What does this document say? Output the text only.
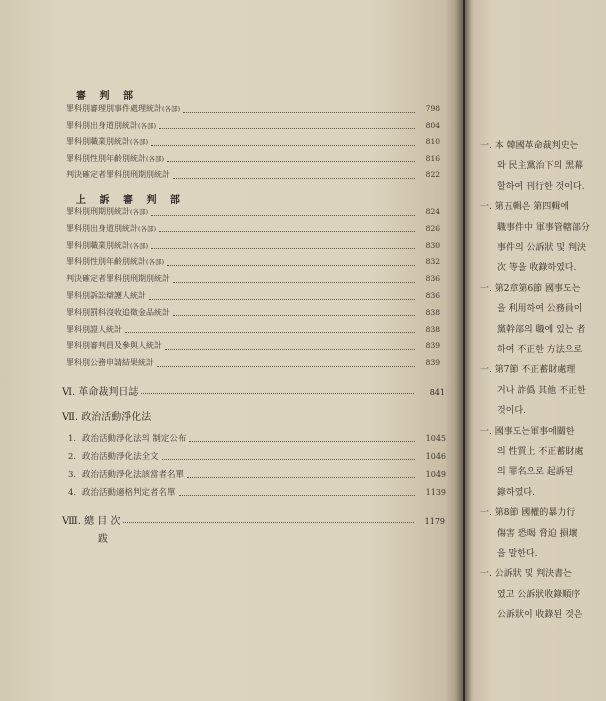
審 判 部
罪科別審理別事件處理統計(各部)	798
罪科別出身道別統計(各部)	804
罪科別職業別統計(各部)	810
罪科別性別年齡別統計(各部)	816
判決確定者罪科別刑期別統計	822
上 訴 審 判 部
罪科別刑期別統計(各部)	824
罪科別出身道別統計(各部)	826
罪科別職業別統計(各部)	830
罪科別性別年齡別統計(各部)	832
判決確定者罪科別刑期別統計	836
罪科別訴訟辯護人統計	836
罪科別罰科沒收追徵金品統計	838
罪科別證人統計	838
罪科別審判員及參與人統計	839
罪科別公務申請結果統計	839
Ⅵ. 革命裁判日誌	841
Ⅶ. 政治活動淨化法
1. 政治活動淨化法의 制定公布	1045
2. 政治活動淨化法全文	1046
3. 政治活動淨化法該當者名單	1049
4. 政治活動適格判定者名單	1139
Ⅷ. 總 目 次	1179
跋
一. 本 韓國革命裁判史는
와 民主黨治下의 黑幕
할하여 刊行한 것이다.
一. 第五輯은 第四輯에
職事件中 軍事管轄部分
事件의 公訴狀 및 判決
次 等을 收錄하였다.
一. 第2章第6節 國事도는
을 利用하여 公務員이
黨幹部의 職에 있는 者
하여 不正한 方法으로
一. 第7節 不正蓄財處理
거나 詐僞 其他 不正한
것이다.
一. 國事도는軍事에關한
의 性質上 不正蓄財處
의 罪名으로 起訴된
錄하였다.
一. 第8節 國權的暴力行
傷害 恐喝 脅迫 損壞
을 말한다.
一. 公訴狀 및 判決書는
였고 公訴狀收錄順序
公訴狀이 收錄된 것은
